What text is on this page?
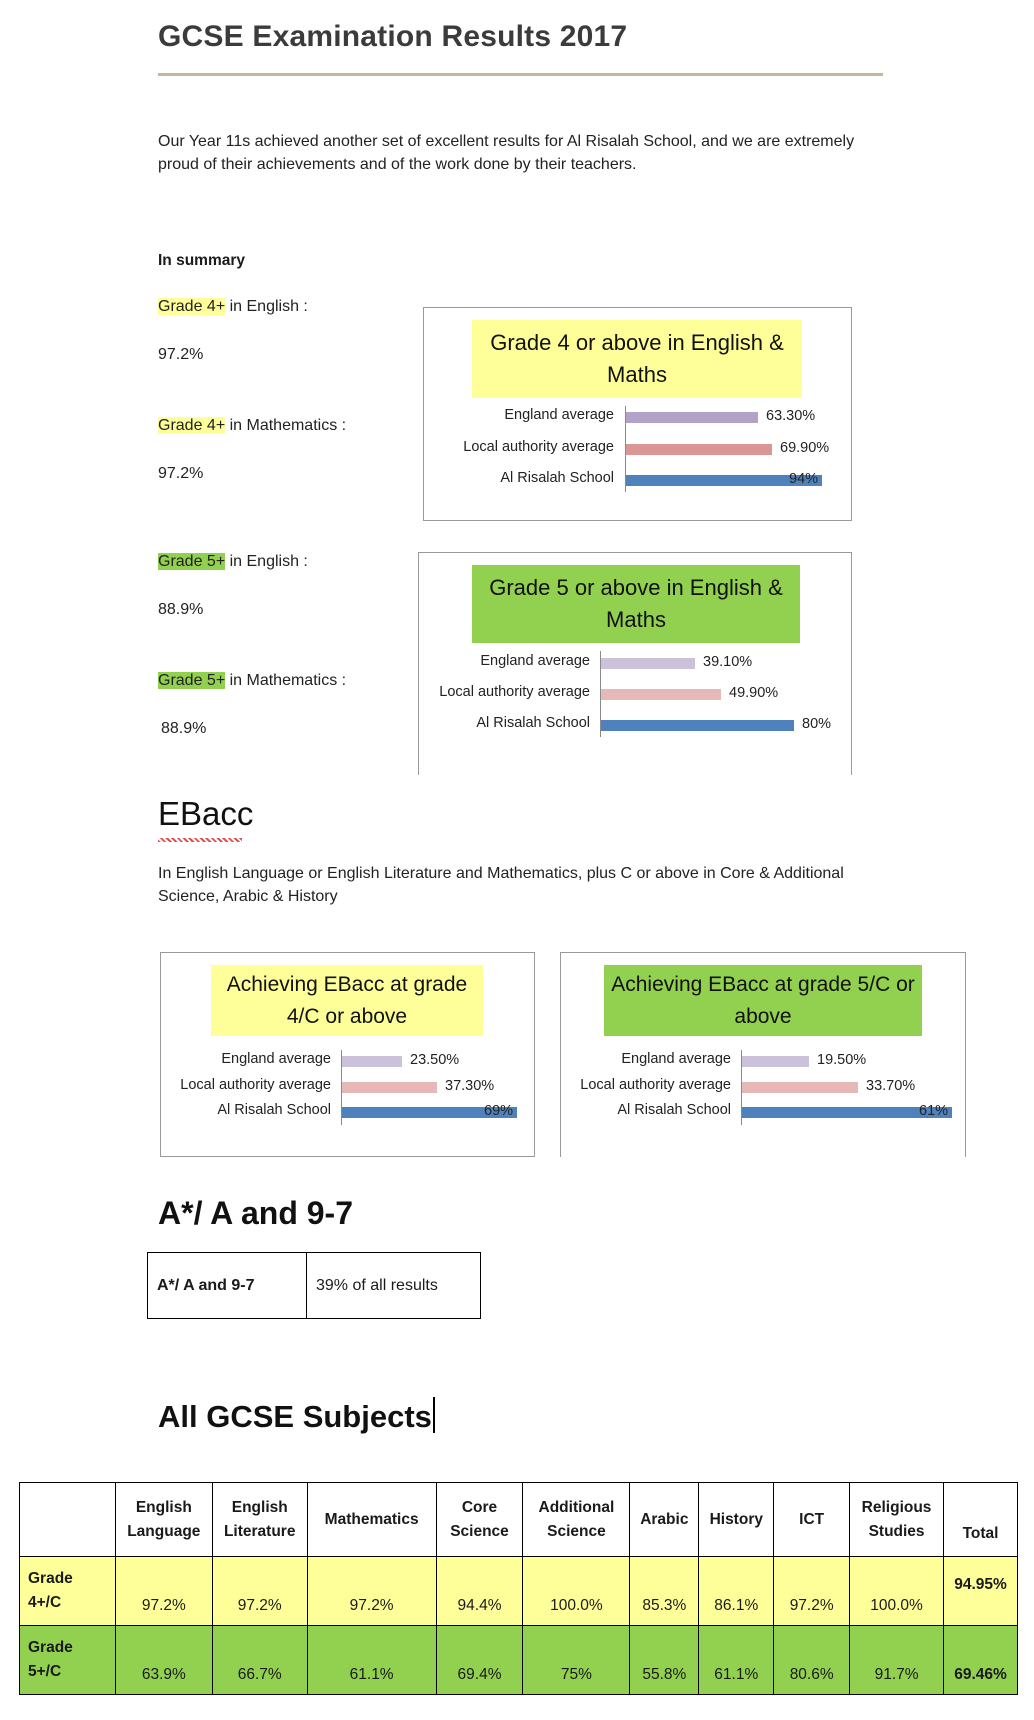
GCSE Examination Results 2017
Our Year 11s achieved another set of excellent results for Al Risalah School, and we are extremely proud of their achievements and of the work done by their teachers.
In summary
Grade 4+ in English :
97.2%
Grade 4+ in Mathematics :
97.2%
Grade 5+ in English :
88.9%
Grade 5+ in Mathematics :
88.9%
Grade 4 or above in English & Maths
England average	63.30%
Local authority average	69.90%
Al Risalah School	94%
Grade 5 or above in English & Maths
England average	39.10%
Local authority average	49.90%
Al Risalah School	80%
EBacc
In English Language or English Literature and Mathematics, plus C or above in Core & Additional Science, Arabic & History
Achieving EBacc at grade 4/C or above
England average	23.50%
Local authority average	37.30%
Al Risalah School	69%
Achieving EBacc at grade 5/C or above
England average	19.50%
Local authority average	33.70%
Al Risalah School	61%
A*/ A and 9-7
A*/ A and 9-7	39% of all results
All GCSE Subjects
	English Language	English Literature	Mathematics	Core Science	Additional Science	Arabic	History	ICT	Religious Studies	Total
Grade 4+/C	97.2%	97.2%	97.2%	94.4%	100.0%	85.3%	86.1%	97.2%	100.0%	94.95%
Grade 5+/C	63.9%	66.7%	61.1%	69.4%	75%	55.8%	61.1%	80.6%	91.7%	69.46%
